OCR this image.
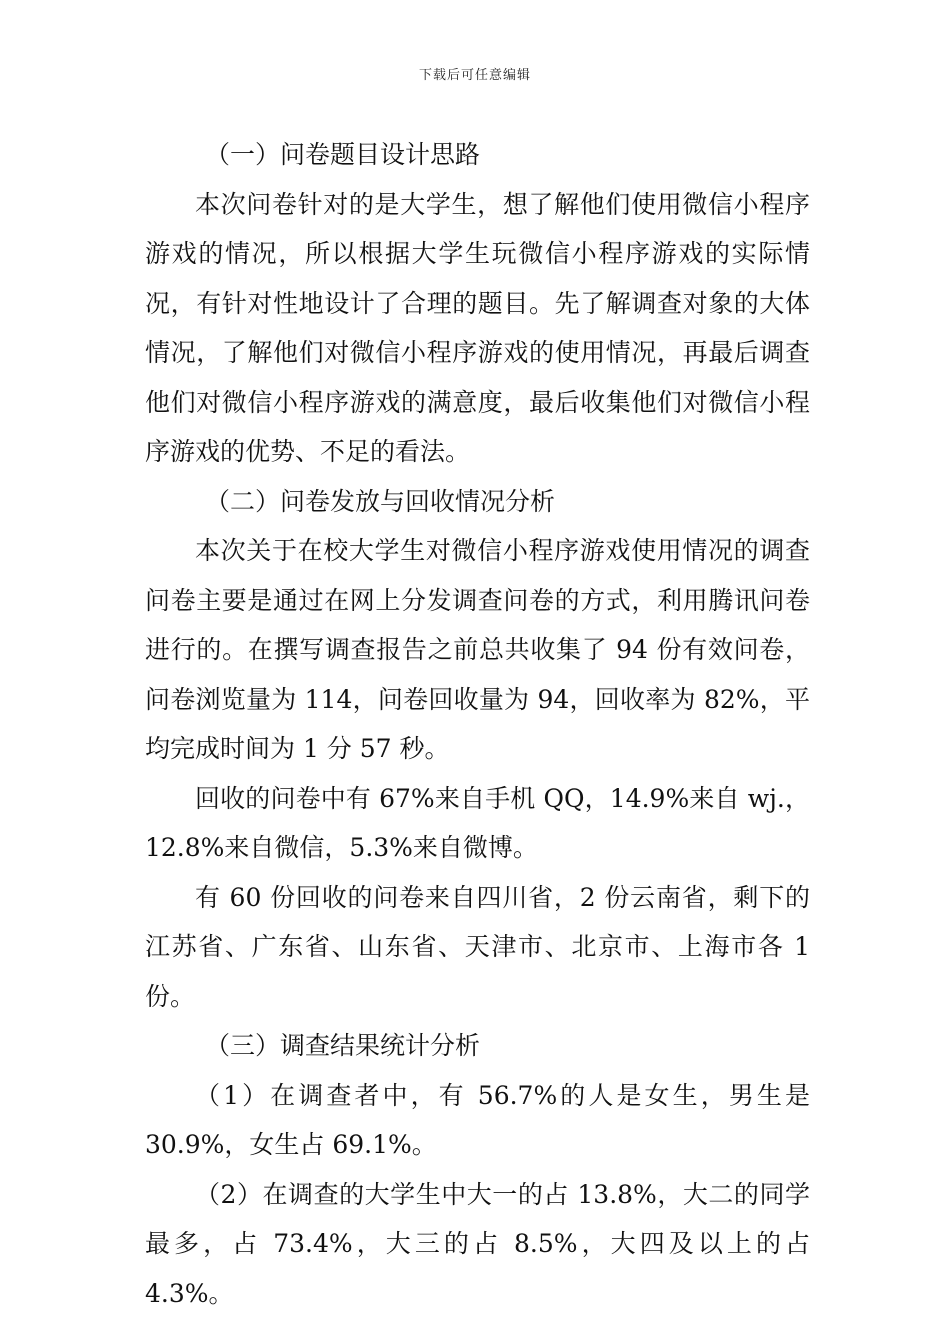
下载后可任意编辑

（一）问卷题目设计思路

本次问卷针对的是大学生，想了解他们使用微信小程序游戏的情况，所以根据大学生玩微信小程序游戏的实际情况，有针对性地设计了合理的题目。先了解调查对象的大体情况，了解他们对微信小程序游戏的使用情况，再最后调查他们对微信小程序游戏的满意度，最后收集他们对微信小程序游戏的优势、不足的看法。

（二）问卷发放与回收情况分析

本次关于在校大学生对微信小程序游戏使用情况的调查问卷主要是通过在网上分发调查问卷的方式，利用腾讯问卷进行的。在撰写调查报告之前总共收集了 94 份有效问卷，问卷浏览量为 114，问卷回收量为 94，回收率为 82%，平均完成时间为 1 分 57 秒。

回收的问卷中有 67%来自手机 QQ，14.9%来自 wj.，12.8%来自微信，5.3%来自微博。

有 60 份回收的问卷来自四川省，2 份云南省，剩下的江苏省、广东省、山东省、天津市、北京市、上海市各 1 份。

（三）调查结果统计分析

（1）在调查者中，有 56.7%的人是女生，男生是 30.9%，女生占 69.1%。

（2）在调查的大学生中大一的占 13.8%，大二的同学最多，占 73.4%，大三的占 8.5%，大四及以上的占 4.3%。
